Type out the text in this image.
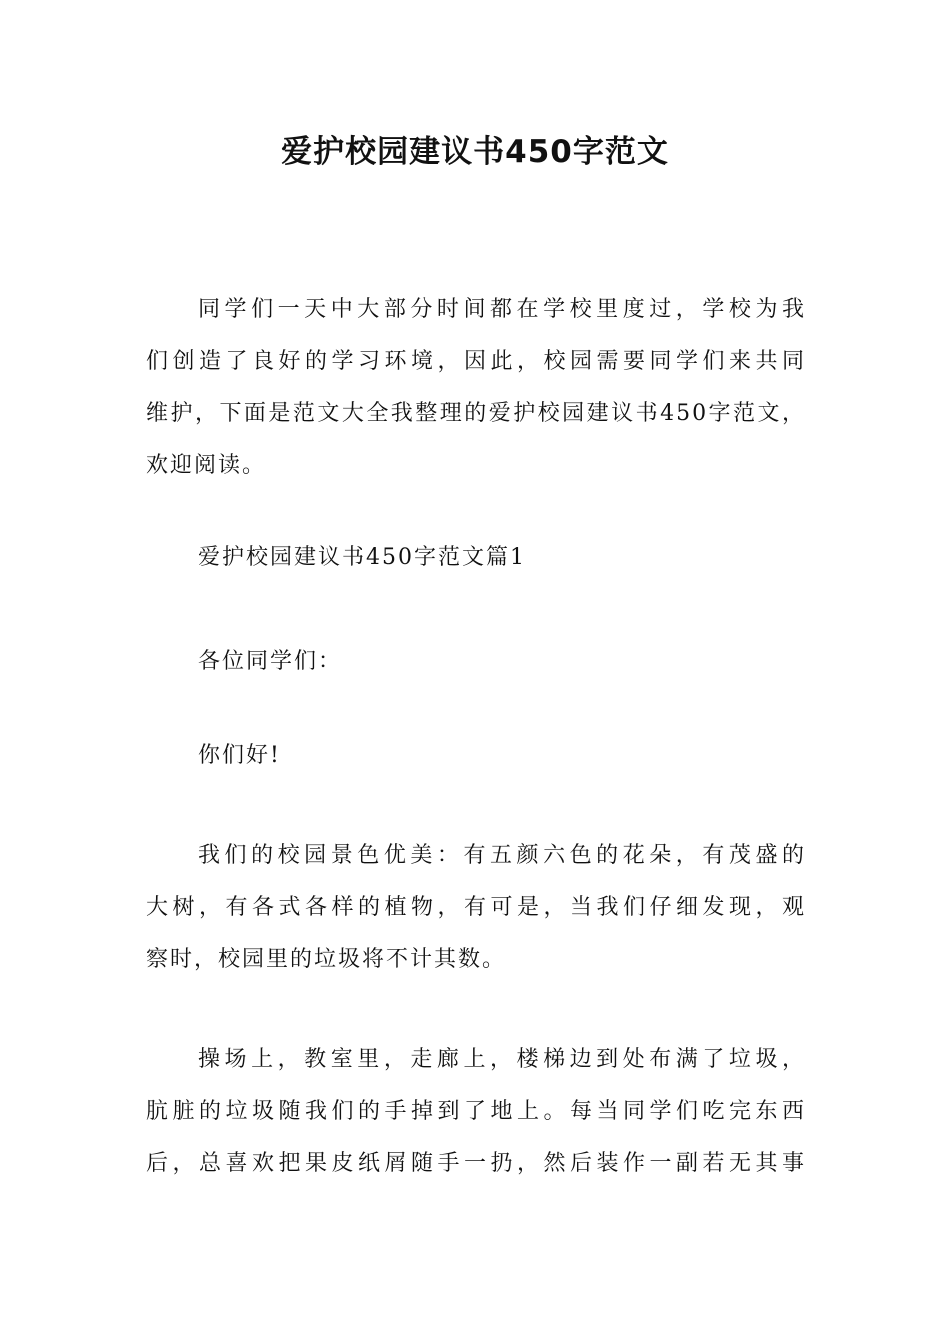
爱护校园建议书450字范文
同学们一天中大部分时间都在学校里度过，学校为我
们创造了良好的学习环境，因此，校园需要同学们来共同
维护，下面是范文大全我整理的爱护校园建议书450字范文，
欢迎阅读。
爱护校园建议书450字范文篇1
各位同学们：
你们好!
我们的校园景色优美：有五颜六色的花朵，有茂盛的
大树，有各式各样的植物，有可是，当我们仔细发现，观
察时，校园里的垃圾将不计其数。
操场上，教室里，走廊上，楼梯边到处布满了垃圾，
肮脏的垃圾随我们的手掉到了地上。每当同学们吃完东西
后，总喜欢把果皮纸屑随手一扔，然后装作一副若无其事
